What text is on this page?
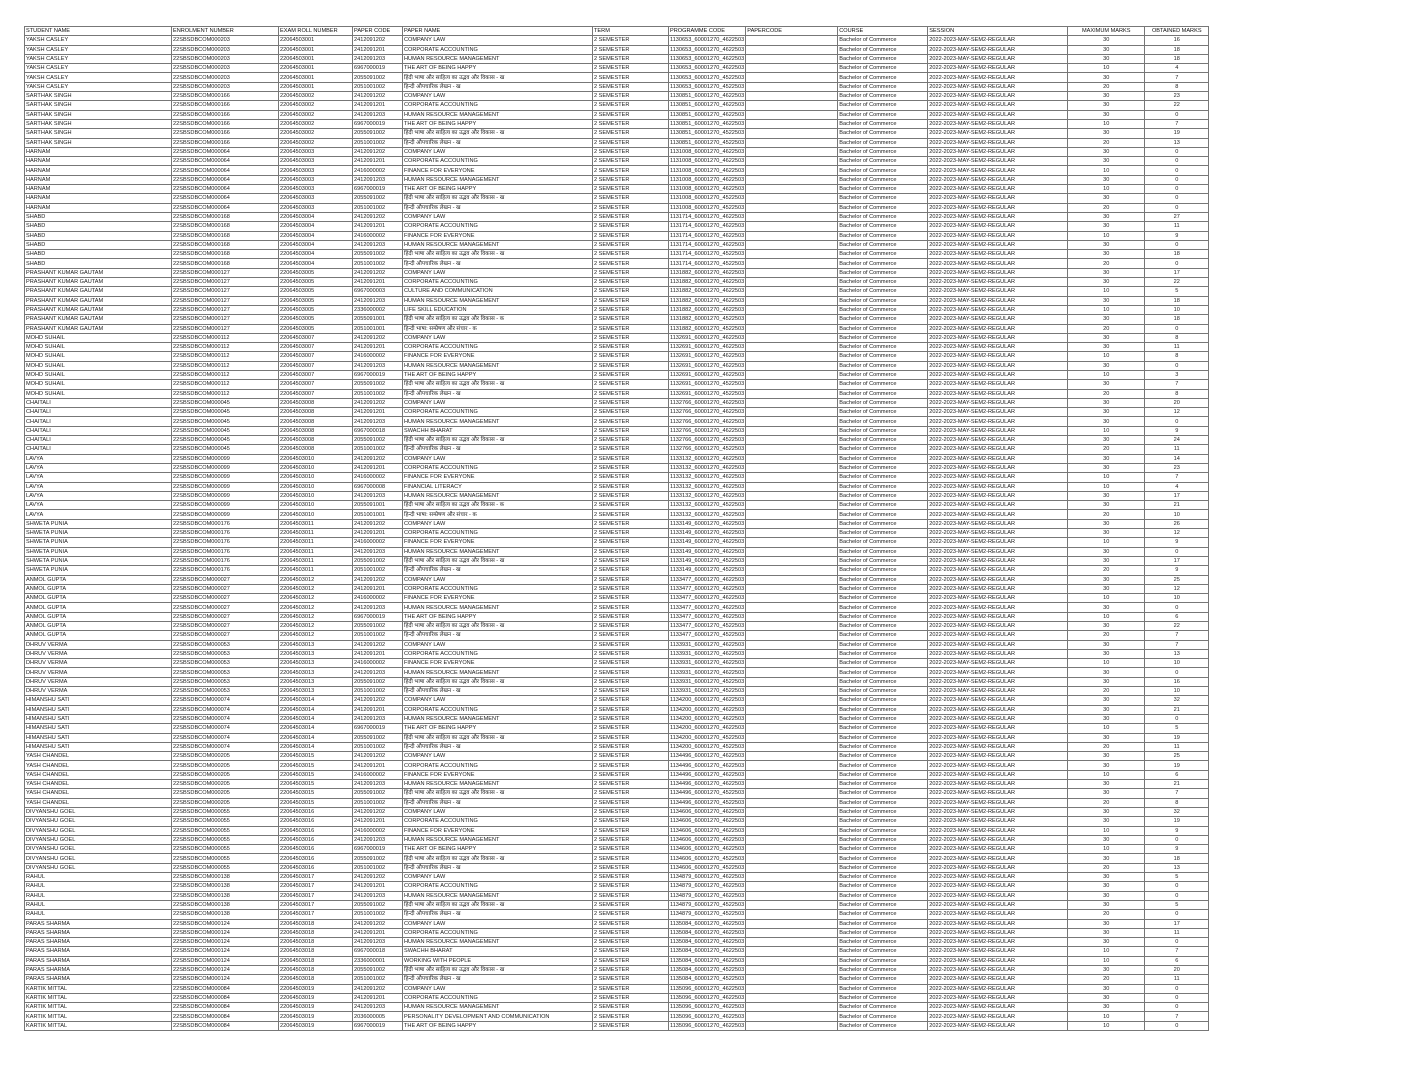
STUDENT NAME	ENROLMENT NUMBER	EXAM ROLL NUMBER	PAPER CODE	PAPER NAME	TERM	PROGRAMME CODE	PAPERCODE	COURSE	SESSION	MAXIMUM MARKS	OBTAINED MARKS
YAKSH CASLEY	22SBSDBCOM000203	22064503001	2412091202	COMPANY LAW	2 SEMESTER	1130653_60001270_4622503		Bachelor of Commerce	2022-2023-MAY-SEM2-REGULAR	30	16
YAKSH CASLEY	22SBSDBCOM000203	22064503001	2412091201	CORPORATE ACCOUNTING	2 SEMESTER	1130653_60001270_4622503		Bachelor of Commerce	2022-2023-MAY-SEM2-REGULAR	30	18
YAKSH CASLEY	22SBSDBCOM000203	22064503001	2412091203	HUMAN RESOURCE MANAGEMENT	2 SEMESTER	1130653_60001270_4622503		Bachelor of Commerce	2022-2023-MAY-SEM2-REGULAR	30	18
YAKSH CASLEY	22SBSDBCOM000203	22064503001	6967000019	THE ART OF BEING HAPPY	2 SEMESTER	1130653_60001270_4622503		Bachelor of Commerce	2022-2023-MAY-SEM2-REGULAR	10	4
YAKSH CASLEY	22SBSDBCOM000203	22064503001	2055091002	हिंदी भाषा और साहित्य का उद्भव और विकास - ख	2 SEMESTER	1130653_60001270_4522503		Bachelor of Commerce	2022-2023-MAY-SEM2-REGULAR	30	7
YAKSH CASLEY	22SBSDBCOM000203	22064503001	2051001002	हिन्दी औपचारिक लेखन - ख	2 SEMESTER	1130653_60001270_4522503		Bachelor of Commerce	2022-2023-MAY-SEM2-REGULAR	20	8
SARTHAK SINGH	22SBSDBCOM000166	22064503002	2412091202	COMPANY LAW	2 SEMESTER	1130851_60001270_4622503		Bachelor of Commerce	2022-2023-MAY-SEM2-REGULAR	30	23
SARTHAK SINGH	22SBSDBCOM000166	22064503002	2412091201	CORPORATE ACCOUNTING	2 SEMESTER	1130851_60001270_4622503		Bachelor of Commerce	2022-2023-MAY-SEM2-REGULAR	30	22
SARTHAK SINGH	22SBSDBCOM000166	22064503002	2412091203	HUMAN RESOURCE MANAGEMENT	2 SEMESTER	1130851_60001270_4622503		Bachelor of Commerce	2022-2023-MAY-SEM2-REGULAR	30	0
SARTHAK SINGH	22SBSDBCOM000166	22064503002	6967000019	THE ART OF BEING HAPPY	2 SEMESTER	1130851_60001270_4622503		Bachelor of Commerce	2022-2023-MAY-SEM2-REGULAR	10	7
SARTHAK SINGH	22SBSDBCOM000166	22064503002	2055091002	हिंदी भाषा और साहित्य का उद्भव और विकास - ख	2 SEMESTER	1130851_60001270_4522503		Bachelor of Commerce	2022-2023-MAY-SEM2-REGULAR	30	19
SARTHAK SINGH	22SBSDBCOM000166	22064503002	2051001002	हिन्दी औपचारिक लेखन - ख	2 SEMESTER	1130851_60001270_4522503		Bachelor of Commerce	2022-2023-MAY-SEM2-REGULAR	20	13
HARNAM	22SBSDBCOM000064	22064503003	2412091202	COMPANY LAW	2 SEMESTER	1131008_60001270_4622503		Bachelor of Commerce	2022-2023-MAY-SEM2-REGULAR	30	0
HARNAM	22SBSDBCOM000064	22064503003	2412091201	CORPORATE ACCOUNTING	2 SEMESTER	1131008_60001270_4622503		Bachelor of Commerce	2022-2023-MAY-SEM2-REGULAR	30	0
HARNAM	22SBSDBCOM000064	22064503003	2416000002	FINANCE FOR EVERYONE	2 SEMESTER	1131008_60001270_4622503		Bachelor of Commerce	2022-2023-MAY-SEM2-REGULAR	10	0
HARNAM	22SBSDBCOM000064	22064503003	2412091203	HUMAN RESOURCE MANAGEMENT	2 SEMESTER	1131008_60001270_4622503		Bachelor of Commerce	2022-2023-MAY-SEM2-REGULAR	30	0
HARNAM	22SBSDBCOM000064	22064503003	6967000019	THE ART OF BEING HAPPY	2 SEMESTER	1131008_60001270_4622503		Bachelor of Commerce	2022-2023-MAY-SEM2-REGULAR	10	0
HARNAM	22SBSDBCOM000064	22064503003	2055091002	हिंदी भाषा और साहित्य का उद्भव और विकास - ख	2 SEMESTER	1131008_60001270_4522503		Bachelor of Commerce	2022-2023-MAY-SEM2-REGULAR	30	0
HARNAM	22SBSDBCOM000064	22064503003	2051001002	हिन्दी औपचारिक लेखन - ख	2 SEMESTER	1131008_60001270_4522503		Bachelor of Commerce	2022-2023-MAY-SEM2-REGULAR	20	0
SHABD	22SBSDBCOM000168	22064503004	2412091202	COMPANY LAW	2 SEMESTER	1131714_60001270_4622503		Bachelor of Commerce	2022-2023-MAY-SEM2-REGULAR	30	27
SHABD	22SBSDBCOM000168	22064503004	2412091201	CORPORATE ACCOUNTING	2 SEMESTER	1131714_60001270_4622503		Bachelor of Commerce	2022-2023-MAY-SEM2-REGULAR	30	11
SHABD	22SBSDBCOM000168	22064503004	2416000002	FINANCE FOR EVERYONE	2 SEMESTER	1131714_60001270_4622503		Bachelor of Commerce	2022-2023-MAY-SEM2-REGULAR	10	9
SHABD	22SBSDBCOM000168	22064503004	2412091203	HUMAN RESOURCE MANAGEMENT	2 SEMESTER	1131714_60001270_4622503		Bachelor of Commerce	2022-2023-MAY-SEM2-REGULAR	30	0
SHABD	22SBSDBCOM000168	22064503004	2055091002	हिंदी भाषा और साहित्य का उद्भव और विकास - ख	2 SEMESTER	1131714_60001270_4522503		Bachelor of Commerce	2022-2023-MAY-SEM2-REGULAR	30	18
SHABD	22SBSDBCOM000168	22064503004	2051001002	हिन्दी औपचारिक लेखन - ख	2 SEMESTER	1131714_60001270_4522503		Bachelor of Commerce	2022-2023-MAY-SEM2-REGULAR	20	0
PRASHANT KUMAR GAUTAM	22SBSDBCOM000127	22064503005	2412091202	COMPANY LAW	2 SEMESTER	1131882_60001270_4622503		Bachelor of Commerce	2022-2023-MAY-SEM2-REGULAR	30	17
PRASHANT KUMAR GAUTAM	22SBSDBCOM000127	22064503005	2412091201	CORPORATE ACCOUNTING	2 SEMESTER	1131882_60001270_4622503		Bachelor of Commerce	2022-2023-MAY-SEM2-REGULAR	30	22
PRASHANT KUMAR GAUTAM	22SBSDBCOM000127	22064503005	6967000003	CULTURE AND COMMUNICATION	2 SEMESTER	1131882_60001270_4622503		Bachelor of Commerce	2022-2023-MAY-SEM2-REGULAR	10	5
PRASHANT KUMAR GAUTAM	22SBSDBCOM000127	22064503005	2412091203	HUMAN RESOURCE MANAGEMENT	2 SEMESTER	1131882_60001270_4622503		Bachelor of Commerce	2022-2023-MAY-SEM2-REGULAR	30	18
PRASHANT KUMAR GAUTAM	22SBSDBCOM000127	22064503005	2336000002	LIFE SKILL EDUCATION	2 SEMESTER	1131882_60001270_4622503		Bachelor of Commerce	2022-2023-MAY-SEM2-REGULAR	10	10
PRASHANT KUMAR GAUTAM	22SBSDBCOM000127	22064503005	2055091001	हिंदी भाषा और साहित्य का उद्भव और विकास - क	2 SEMESTER	1131882_60001270_4522503		Bachelor of Commerce	2022-2023-MAY-SEM2-REGULAR	30	18
PRASHANT KUMAR GAUTAM	22SBSDBCOM000127	22064503005	2051001001	हिन्दी भाषा: सम्प्रेषण और संचार - क	2 SEMESTER	1131882_60001270_4522503		Bachelor of Commerce	2022-2023-MAY-SEM2-REGULAR	20	0
MOHD SUHAIL	22SBSDBCOM000112	22064503007	2412091202	COMPANY LAW	2 SEMESTER	1132691_60001270_4622503		Bachelor of Commerce	2022-2023-MAY-SEM2-REGULAR	30	8
MOHD SUHAIL	22SBSDBCOM000112	22064503007	2412091201	CORPORATE ACCOUNTING	2 SEMESTER	1132691_60001270_4622503		Bachelor of Commerce	2022-2023-MAY-SEM2-REGULAR	30	11
MOHD SUHAIL	22SBSDBCOM000112	22064503007	2416000002	FINANCE FOR EVERYONE	2 SEMESTER	1132691_60001270_4622503		Bachelor of Commerce	2022-2023-MAY-SEM2-REGULAR	10	8
MOHD SUHAIL	22SBSDBCOM000112	22064503007	2412091203	HUMAN RESOURCE MANAGEMENT	2 SEMESTER	1132691_60001270_4622503		Bachelor of Commerce	2022-2023-MAY-SEM2-REGULAR	30	0
MOHD SUHAIL	22SBSDBCOM000112	22064503007	6967000019	THE ART OF BEING HAPPY	2 SEMESTER	1132691_60001270_4622503		Bachelor of Commerce	2022-2023-MAY-SEM2-REGULAR	10	3
MOHD SUHAIL	22SBSDBCOM000112	22064503007	2055091002	हिंदी भाषा और साहित्य का उद्भव और विकास - ख	2 SEMESTER	1132691_60001270_4522503		Bachelor of Commerce	2022-2023-MAY-SEM2-REGULAR	30	7
MOHD SUHAIL	22SBSDBCOM000112	22064503007	2051001002	हिन्दी औपचारिक लेखन - ख	2 SEMESTER	1132691_60001270_4522503		Bachelor of Commerce	2022-2023-MAY-SEM2-REGULAR	20	8
CHAITALI	22SBSDBCOM000045	22064503008	2412091202	COMPANY LAW	2 SEMESTER	1132766_60001270_4622503		Bachelor of Commerce	2022-2023-MAY-SEM2-REGULAR	30	20
CHAITALI	22SBSDBCOM000045	22064503008	2412091201	CORPORATE ACCOUNTING	2 SEMESTER	1132766_60001270_4622503		Bachelor of Commerce	2022-2023-MAY-SEM2-REGULAR	30	12
CHAITALI	22SBSDBCOM000045	22064503008	2412091203	HUMAN RESOURCE MANAGEMENT	2 SEMESTER	1132766_60001270_4622503		Bachelor of Commerce	2022-2023-MAY-SEM2-REGULAR	30	0
CHAITALI	22SBSDBCOM000045	22064503008	6967000018	SWACHH BHARAT	2 SEMESTER	1132766_60001270_4622503		Bachelor of Commerce	2022-2023-MAY-SEM2-REGULAR	10	9
CHAITALI	22SBSDBCOM000045	22064503008	2055091002	हिंदी भाषा और साहित्य का उद्भव और विकास - ख	2 SEMESTER	1132766_60001270_4522503		Bachelor of Commerce	2022-2023-MAY-SEM2-REGULAR	30	24
CHAITALI	22SBSDBCOM000045	22064503008	2051001002	हिन्दी औपचारिक लेखन - ख	2 SEMESTER	1132766_60001270_4522503		Bachelor of Commerce	2022-2023-MAY-SEM2-REGULAR	20	11
LAVYA	22SBSDBCOM000099	22064503010	2412091202	COMPANY LAW	2 SEMESTER	1133132_60001270_4622503		Bachelor of Commerce	2022-2023-MAY-SEM2-REGULAR	30	14
LAVYA	22SBSDBCOM000099	22064503010	2412091201	CORPORATE ACCOUNTING	2 SEMESTER	1133132_60001270_4622503		Bachelor of Commerce	2022-2023-MAY-SEM2-REGULAR	30	23
LAVYA	22SBSDBCOM000099	22064503010	2416000002	FINANCE FOR EVERYONE	2 SEMESTER	1133132_60001270_4622503		Bachelor of Commerce	2022-2023-MAY-SEM2-REGULAR	10	7
LAVYA	22SBSDBCOM000099	22064503010	6967000008	FINANCIAL LITERACY	2 SEMESTER	1133132_60001270_4622503		Bachelor of Commerce	2022-2023-MAY-SEM2-REGULAR	10	4
LAVYA	22SBSDBCOM000099	22064503010	2412091203	HUMAN RESOURCE MANAGEMENT	2 SEMESTER	1133132_60001270_4622503		Bachelor of Commerce	2022-2023-MAY-SEM2-REGULAR	30	17
LAVYA	22SBSDBCOM000099	22064503010	2055091001	हिंदी भाषा और साहित्य का उद्भव और विकास - क	2 SEMESTER	1133132_60001270_4522503		Bachelor of Commerce	2022-2023-MAY-SEM2-REGULAR	30	21
LAVYA	22SBSDBCOM000099	22064503010	2051001001	हिन्दी भाषा: सम्प्रेषण और संचार - क	2 SEMESTER	1133132_60001270_4522503		Bachelor of Commerce	2022-2023-MAY-SEM2-REGULAR	20	10
SHWETA PUNIA	22SBSDBCOM000176	22064503011	2412091202	COMPANY LAW	2 SEMESTER	1133149_60001270_4622503		Bachelor of Commerce	2022-2023-MAY-SEM2-REGULAR	30	26
SHWETA PUNIA	22SBSDBCOM000176	22064503011	2412091201	CORPORATE ACCOUNTING	2 SEMESTER	1133149_60001270_4622503		Bachelor of Commerce	2022-2023-MAY-SEM2-REGULAR	30	12
SHWETA PUNIA	22SBSDBCOM000176	22064503011	2416000002	FINANCE FOR EVERYONE	2 SEMESTER	1133149_60001270_4622503		Bachelor of Commerce	2022-2023-MAY-SEM2-REGULAR	10	9
SHWETA PUNIA	22SBSDBCOM000176	22064503011	2412091203	HUMAN RESOURCE MANAGEMENT	2 SEMESTER	1133149_60001270_4622503		Bachelor of Commerce	2022-2023-MAY-SEM2-REGULAR	30	0
SHWETA PUNIA	22SBSDBCOM000176	22064503011	2055091002	हिंदी भाषा और साहित्य का उद्भव और विकास - ख	2 SEMESTER	1133149_60001270_4522503		Bachelor of Commerce	2022-2023-MAY-SEM2-REGULAR	30	17
SHWETA PUNIA	22SBSDBCOM000176	22064503011	2051001002	हिन्दी औपचारिक लेखन - ख	2 SEMESTER	1133149_60001270_4522503		Bachelor of Commerce	2022-2023-MAY-SEM2-REGULAR	20	9
ANMOL GUPTA	22SBSDBCOM000027	22064503012	2412091202	COMPANY LAW	2 SEMESTER	1133477_60001270_4622503		Bachelor of Commerce	2022-2023-MAY-SEM2-REGULAR	30	25
ANMOL GUPTA	22SBSDBCOM000027	22064503012	2412091201	CORPORATE ACCOUNTING	2 SEMESTER	1133477_60001270_4622503		Bachelor of Commerce	2022-2023-MAY-SEM2-REGULAR	30	12
ANMOL GUPTA	22SBSDBCOM000027	22064503012	2416000002	FINANCE FOR EVERYONE	2 SEMESTER	1133477_60001270_4622503		Bachelor of Commerce	2022-2023-MAY-SEM2-REGULAR	10	10
ANMOL GUPTA	22SBSDBCOM000027	22064503012	2412091203	HUMAN RESOURCE MANAGEMENT	2 SEMESTER	1133477_60001270_4622503		Bachelor of Commerce	2022-2023-MAY-SEM2-REGULAR	30	0
ANMOL GUPTA	22SBSDBCOM000027	22064503012	6967000019	THE ART OF BEING HAPPY	2 SEMESTER	1133477_60001270_4622503		Bachelor of Commerce	2022-2023-MAY-SEM2-REGULAR	10	6
ANMOL GUPTA	22SBSDBCOM000027	22064503012	2055091002	हिंदी भाषा और साहित्य का उद्भव और विकास - ख	2 SEMESTER	1133477_60001270_4522503		Bachelor of Commerce	2022-2023-MAY-SEM2-REGULAR	30	22
ANMOL GUPTA	22SBSDBCOM000027	22064503012	2051001002	हिन्दी औपचारिक लेखन - ख	2 SEMESTER	1133477_60001270_4522503		Bachelor of Commerce	2022-2023-MAY-SEM2-REGULAR	20	7
DHRUV VERMA	22SBSDBCOM000053	22064503013	2412091202	COMPANY LAW	2 SEMESTER	1133931_60001270_4622503		Bachelor of Commerce	2022-2023-MAY-SEM2-REGULAR	30	7
DHRUV VERMA	22SBSDBCOM000053	22064503013	2412091201	CORPORATE ACCOUNTING	2 SEMESTER	1133931_60001270_4622503		Bachelor of Commerce	2022-2023-MAY-SEM2-REGULAR	30	13
DHRUV VERMA	22SBSDBCOM000053	22064503013	2416000002	FINANCE FOR EVERYONE	2 SEMESTER	1133931_60001270_4622503		Bachelor of Commerce	2022-2023-MAY-SEM2-REGULAR	10	10
DHRUV VERMA	22SBSDBCOM000053	22064503013	2412091203	HUMAN RESOURCE MANAGEMENT	2 SEMESTER	1133931_60001270_4622503		Bachelor of Commerce	2022-2023-MAY-SEM2-REGULAR	30	0
DHRUV VERMA	22SBSDBCOM000053	22064503013	2055091002	हिंदी भाषा और साहित्य का उद्भव और विकास - ख	2 SEMESTER	1133931_60001270_4522503		Bachelor of Commerce	2022-2023-MAY-SEM2-REGULAR	30	16
DHRUV VERMA	22SBSDBCOM000053	22064503013	2051001002	हिन्दी औपचारिक लेखन - ख	2 SEMESTER	1133931_60001270_4522503		Bachelor of Commerce	2022-2023-MAY-SEM2-REGULAR	20	10
HIMANSHU SATI	22SBSDBCOM000074	22064503014	2412091202	COMPANY LAW	2 SEMESTER	1134200_60001270_4622503		Bachelor of Commerce	2022-2023-MAY-SEM2-REGULAR	30	32
HIMANSHU SATI	22SBSDBCOM000074	22064503014	2412091201	CORPORATE ACCOUNTING	2 SEMESTER	1134200_60001270_4622503		Bachelor of Commerce	2022-2023-MAY-SEM2-REGULAR	30	21
HIMANSHU SATI	22SBSDBCOM000074	22064503014	2412091203	HUMAN RESOURCE MANAGEMENT	2 SEMESTER	1134200_60001270_4622503		Bachelor of Commerce	2022-2023-MAY-SEM2-REGULAR	30	0
HIMANSHU SATI	22SBSDBCOM000074	22064503014	6967000019	THE ART OF BEING HAPPY	2 SEMESTER	1134200_60001270_4622503		Bachelor of Commerce	2022-2023-MAY-SEM2-REGULAR	10	5
HIMANSHU SATI	22SBSDBCOM000074	22064503014	2055091002	हिंदी भाषा और साहित्य का उद्भव और विकास - ख	2 SEMESTER	1134200_60001270_4522503		Bachelor of Commerce	2022-2023-MAY-SEM2-REGULAR	30	19
HIMANSHU SATI	22SBSDBCOM000074	22064503014	2051001002	हिन्दी औपचारिक लेखन - ख	2 SEMESTER	1134200_60001270_4522503		Bachelor of Commerce	2022-2023-MAY-SEM2-REGULAR	20	11
YASH CHANDEL	22SBSDBCOM000205	22064503015	2412091202	COMPANY LAW	2 SEMESTER	1134496_60001270_4622503		Bachelor of Commerce	2022-2023-MAY-SEM2-REGULAR	30	25
YASH CHANDEL	22SBSDBCOM000205	22064503015	2412091201	CORPORATE ACCOUNTING	2 SEMESTER	1134496_60001270_4622503		Bachelor of Commerce	2022-2023-MAY-SEM2-REGULAR	30	19
YASH CHANDEL	22SBSDBCOM000205	22064503015	2416000002	FINANCE FOR EVERYONE	2 SEMESTER	1134496_60001270_4622503		Bachelor of Commerce	2022-2023-MAY-SEM2-REGULAR	10	6
YASH CHANDEL	22SBSDBCOM000205	22064503015	2412091203	HUMAN RESOURCE MANAGEMENT	2 SEMESTER	1134496_60001270_4622503		Bachelor of Commerce	2022-2023-MAY-SEM2-REGULAR	30	21
YASH CHANDEL	22SBSDBCOM000205	22064503015	2055091002	हिंदी भाषा और साहित्य का उद्भव और विकास - ख	2 SEMESTER	1134496_60001270_4522503		Bachelor of Commerce	2022-2023-MAY-SEM2-REGULAR	30	7
YASH CHANDEL	22SBSDBCOM000205	22064503015	2051001002	हिन्दी औपचारिक लेखन - ख	2 SEMESTER	1134496_60001270_4522503		Bachelor of Commerce	2022-2023-MAY-SEM2-REGULAR	20	8
DIVYANSHU GOEL	22SBSDBCOM000055	22064503016	2412091202	COMPANY LAW	2 SEMESTER	1134606_60001270_4622503		Bachelor of Commerce	2022-2023-MAY-SEM2-REGULAR	30	32
DIVYANSHU GOEL	22SBSDBCOM000055	22064503016	2412091201	CORPORATE ACCOUNTING	2 SEMESTER	1134606_60001270_4622503		Bachelor of Commerce	2022-2023-MAY-SEM2-REGULAR	30	19
DIVYANSHU GOEL	22SBSDBCOM000055	22064503016	2416000002	FINANCE FOR EVERYONE	2 SEMESTER	1134606_60001270_4622503		Bachelor of Commerce	2022-2023-MAY-SEM2-REGULAR	10	9
DIVYANSHU GOEL	22SBSDBCOM000055	22064503016	2412091203	HUMAN RESOURCE MANAGEMENT	2 SEMESTER	1134606_60001270_4622503		Bachelor of Commerce	2022-2023-MAY-SEM2-REGULAR	30	0
DIVYANSHU GOEL	22SBSDBCOM000055	22064503016	6967000019	THE ART OF BEING HAPPY	2 SEMESTER	1134606_60001270_4622503		Bachelor of Commerce	2022-2023-MAY-SEM2-REGULAR	10	9
DIVYANSHU GOEL	22SBSDBCOM000055	22064503016	2055091002	हिंदी भाषा और साहित्य का उद्भव और विकास - ख	2 SEMESTER	1134606_60001270_4522503		Bachelor of Commerce	2022-2023-MAY-SEM2-REGULAR	30	18
DIVYANSHU GOEL	22SBSDBCOM000055	22064503016	2051001002	हिन्दी औपचारिक लेखन - ख	2 SEMESTER	1134606_60001270_4522503		Bachelor of Commerce	2022-2023-MAY-SEM2-REGULAR	20	13
RAHUL	22SBSDBCOM000138	22064503017	2412091202	COMPANY LAW	2 SEMESTER	1134879_60001270_4622503		Bachelor of Commerce	2022-2023-MAY-SEM2-REGULAR	30	5
RAHUL	22SBSDBCOM000138	22064503017	2412091201	CORPORATE ACCOUNTING	2 SEMESTER	1134879_60001270_4622503		Bachelor of Commerce	2022-2023-MAY-SEM2-REGULAR	30	0
RAHUL	22SBSDBCOM000138	22064503017	2412091203	HUMAN RESOURCE MANAGEMENT	2 SEMESTER	1134879_60001270_4622503		Bachelor of Commerce	2022-2023-MAY-SEM2-REGULAR	30	0
RAHUL	22SBSDBCOM000138	22064503017	2055091002	हिंदी भाषा और साहित्य का उद्भव और विकास - ख	2 SEMESTER	1134879_60001270_4522503		Bachelor of Commerce	2022-2023-MAY-SEM2-REGULAR	30	5
RAHUL	22SBSDBCOM000138	22064503017	2051001002	हिन्दी औपचारिक लेखन - ख	2 SEMESTER	1134879_60001270_4522503		Bachelor of Commerce	2022-2023-MAY-SEM2-REGULAR	20	0
PARAS SHARMA	22SBSDBCOM000124	22064503018	2412091202	COMPANY LAW	2 SEMESTER	1135084_60001270_4622503		Bachelor of Commerce	2022-2023-MAY-SEM2-REGULAR	30	17
PARAS SHARMA	22SBSDBCOM000124	22064503018	2412091201	CORPORATE ACCOUNTING	2 SEMESTER	1135084_60001270_4622503		Bachelor of Commerce	2022-2023-MAY-SEM2-REGULAR	30	11
PARAS SHARMA	22SBSDBCOM000124	22064503018	2412091203	HUMAN RESOURCE MANAGEMENT	2 SEMESTER	1135084_60001270_4622503		Bachelor of Commerce	2022-2023-MAY-SEM2-REGULAR	30	0
PARAS SHARMA	22SBSDBCOM000124	22064503018	6967000018	SWACHH BHARAT	2 SEMESTER	1135084_60001270_4622503		Bachelor of Commerce	2022-2023-MAY-SEM2-REGULAR	10	7
PARAS SHARMA	22SBSDBCOM000124	22064503018	2336000001	WORKING WITH PEOPLE	2 SEMESTER	1135084_60001270_4622503		Bachelor of Commerce	2022-2023-MAY-SEM2-REGULAR	10	6
PARAS SHARMA	22SBSDBCOM000124	22064503018	2055091002	हिंदी भाषा और साहित्य का उद्भव और विकास - ख	2 SEMESTER	1135084_60001270_4522503		Bachelor of Commerce	2022-2023-MAY-SEM2-REGULAR	30	20
PARAS SHARMA	22SBSDBCOM000124	22064503018	2051001002	हिन्दी औपचारिक लेखन - ख	2 SEMESTER	1135084_60001270_4522503		Bachelor of Commerce	2022-2023-MAY-SEM2-REGULAR	20	11
KARTIK MITTAL	22SBSDBCOM000084	22064503019	2412091202	COMPANY LAW	2 SEMESTER	1135096_60001270_4622503		Bachelor of Commerce	2022-2023-MAY-SEM2-REGULAR	30	0
KARTIK MITTAL	22SBSDBCOM000084	22064503019	2412091201	CORPORATE ACCOUNTING	2 SEMESTER	1135096_60001270_4622503		Bachelor of Commerce	2022-2023-MAY-SEM2-REGULAR	30	0
KARTIK MITTAL	22SBSDBCOM000084	22064503019	2412091203	HUMAN RESOURCE MANAGEMENT	2 SEMESTER	1135096_60001270_4622503		Bachelor of Commerce	2022-2023-MAY-SEM2-REGULAR	30	0
KARTIK MITTAL	22SBSDBCOM000084	22064503019	2036000005	PERSONALITY DEVELOPMENT AND COMMUNICATION	2 SEMESTER	1135096_60001270_4622503		Bachelor of Commerce	2022-2023-MAY-SEM2-REGULAR	10	7
KARTIK MITTAL	22SBSDBCOM000084	22064503019	6967000019	THE ART OF BEING HAPPY	2 SEMESTER	1135096_60001270_4622503		Bachelor of Commerce	2022-2023-MAY-SEM2-REGULAR	10	0
